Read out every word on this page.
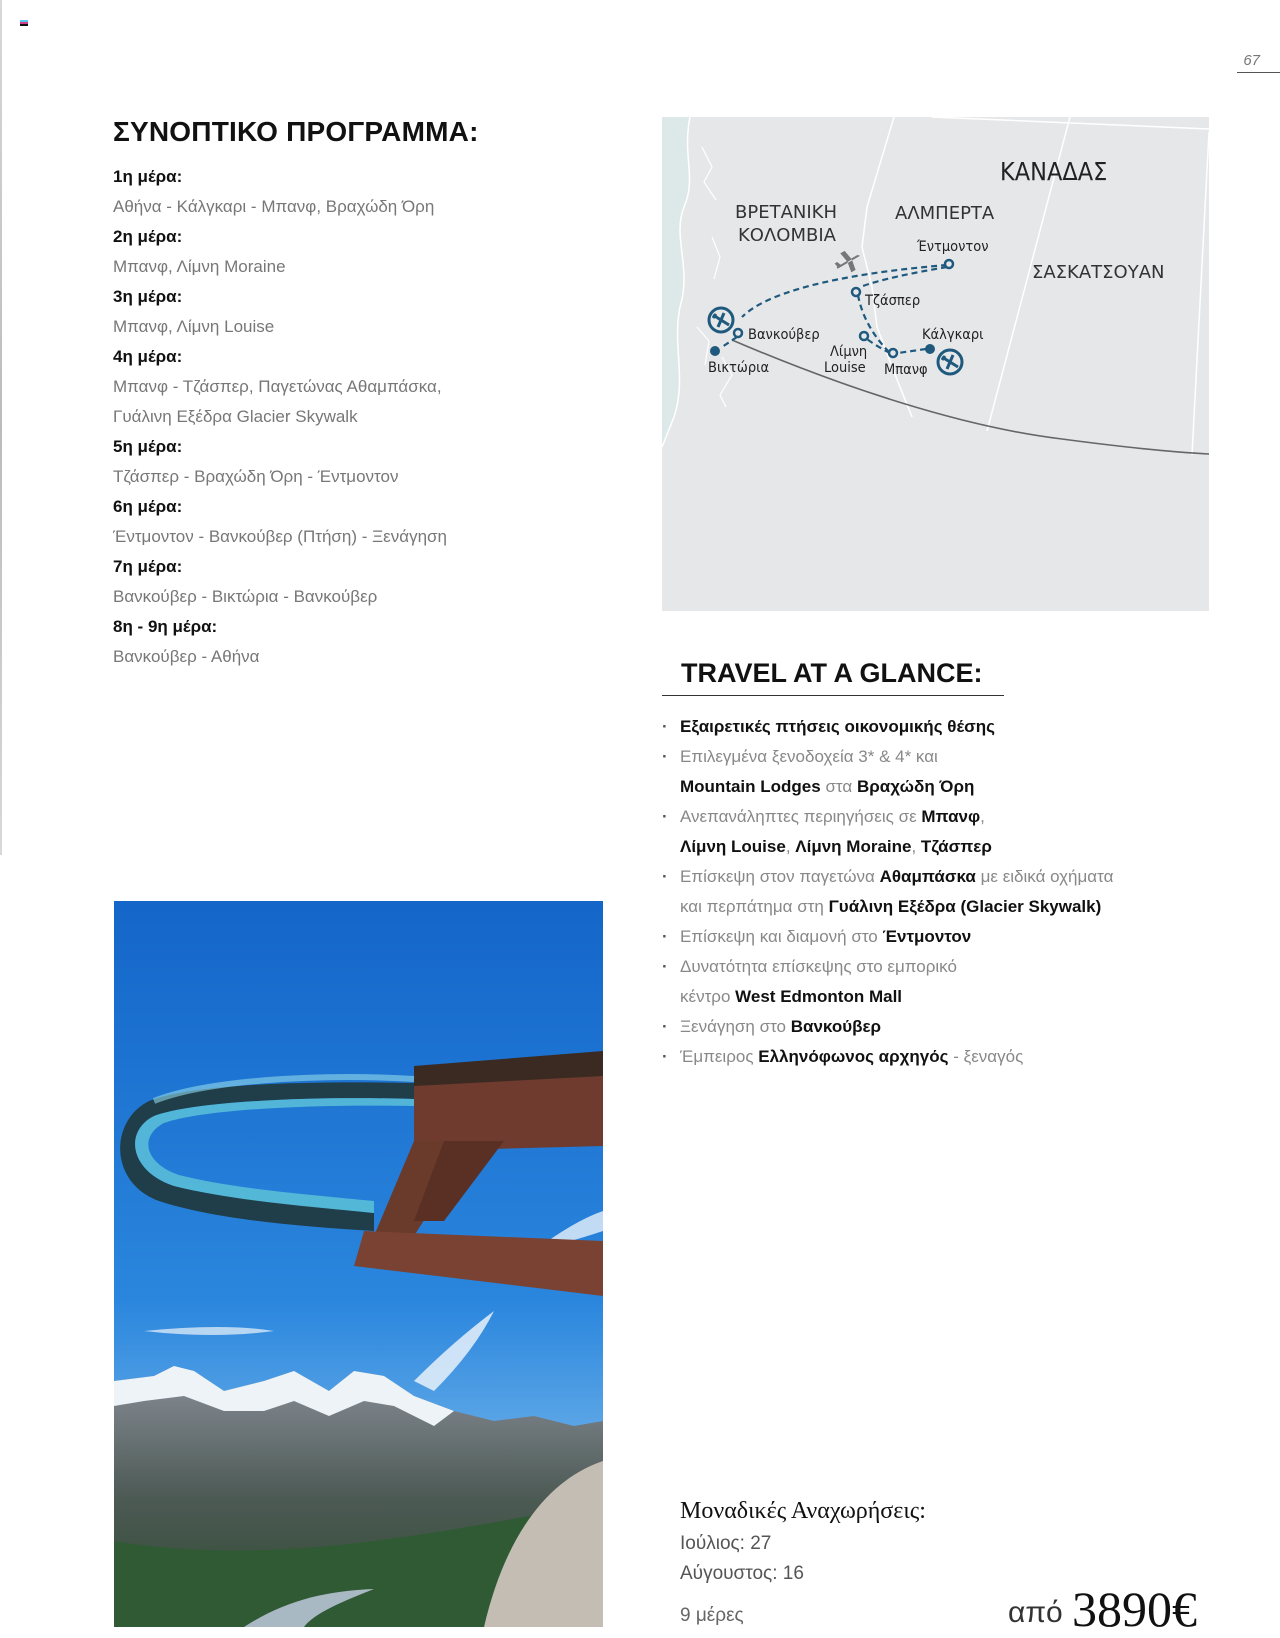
67
ΣΥΝΟΠΤΙΚΟ ΠΡΟΓΡΑΜΜΑ:
1η μέρα:
Αθήνα - Κάλγκαρι - Μπανφ, Βραχώδη Όρη
2η μέρα:
Μπανφ, Λίμνη Moraine
3η μέρα:
Μπανφ, Λίμνη Louise
4η μέρα:
Μπανφ - Τζάσπερ, Παγετώνας Αθαμπάσκα,
Γυάλινη Εξέδρα Glacier Skywalk
5η μέρα:
Τζάσπερ - Βραχώδη Όρη - Έντμοντον
6η μέρα:
Έντμοντον - Βανκούβερ (Πτήση) - Ξενάγηση
7η μέρα:
Βανκούβερ - Βικτώρια - Βανκούβερ
8η - 9η μέρα:
Βανκούβερ - Αθήνα
ΚΑΝΑΔΑΣ
ΒΡΕΤΑΝΙΚΗ
ΚΟΛΟΜΒΙΑ
ΑΛΜΠΕΡΤΑ
ΣΑΣΚΑΤΣΟΥΑΝ
Έντμοντον
Τζάσπερ
Βανκούβερ	Κάλγκαρι
Λίμνη
Louise Μπανφ
Βικτώρια
TRAVEL AT A GLANCE:
· Εξαιρετικές πτήσεις οικονομικής θέσης
· Επιλεγμένα ξενοδοχεία 3* & 4* και
Mountain Lodges στα Βραχώδη Όρη
· Ανεπανάληπτες περιηγήσεις σε Μπανφ,
Λίμνη Louise, Λίμνη Moraine, Τζάσπερ
· Επίσκεψη στον παγετώνα Αθαμπάσκα με ειδικά οχήματα
και περπάτημα στη Γυάλινη Εξέδρα (Glacier Skywalk)
· Επίσκεψη και διαμονή στο Έντμοντον
· Δυνατότητα επίσκεψης στο εμπορικό
κέντρο West Edmonton Mall
· Ξενάγηση στο Βανκούβερ
· Έμπειρος Ελληνόφωνος αρχηγός - ξεναγός
Μοναδικές Αναχωρήσεις:
Ιούλιος: 27
Αύγουστος: 16
9 μέρες	από 3890€
